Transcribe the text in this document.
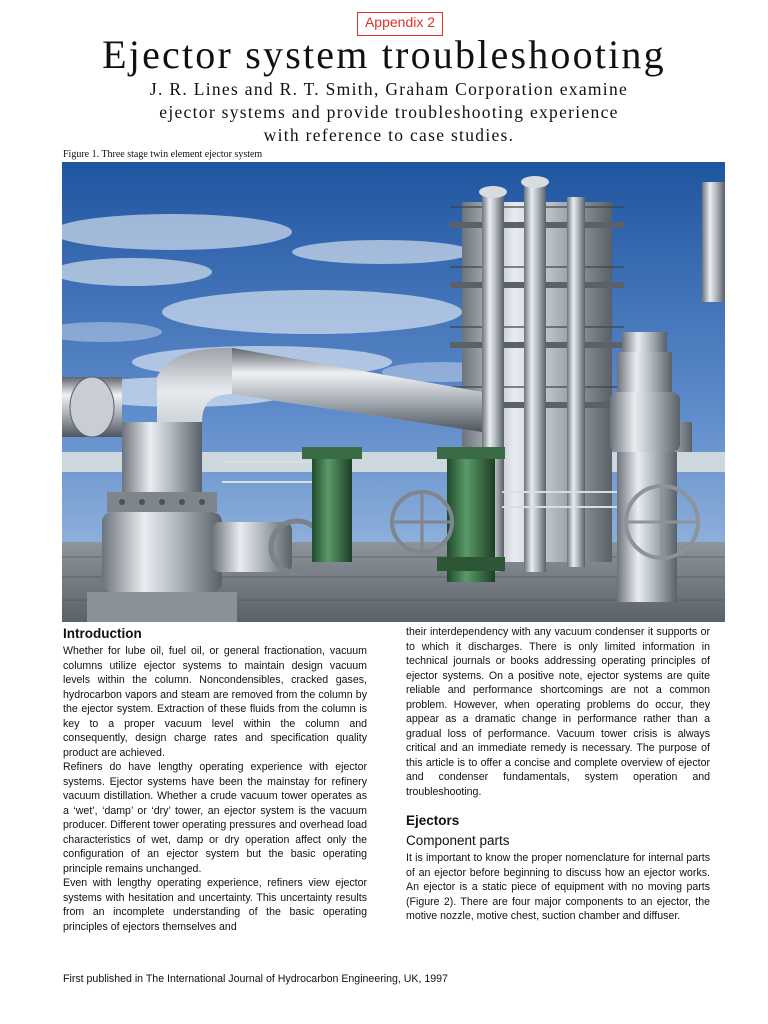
Appendix 2
Ejector system troubleshooting
J. R. Lines and R. T. Smith, Graham Corporation examine
ejector systems and provide troubleshooting experience
with reference to case studies.
Figure 1. Three stage twin element ejector system
Introduction

Whether for lube oil, fuel oil, or general fractionation, vacuum columns utilize ejector systems to maintain design vacuum levels within the column. Noncondensibles, cracked gases, hydrocarbon vapors and steam are removed from the column by the ejector system. Extraction of these fluids from the column is key to a proper vacuum level within the column and consequently, design charge rates and specification quality product are achieved.

Refiners do have lengthy operating experience with ejector systems. Ejector systems have been the mainstay for refinery vacuum distillation. Whether a crude vacuum tower operates as a ‘wet’, ‘damp’ or ‘dry’ tower, an ejector system is the vacuum producer. Different tower operating pressures and overhead load characteristics of wet, damp or dry operation affect only the configuration of an ejector system but the basic operating principle remains unchanged.

Even with lengthy operating experience, refiners view ejector systems with hesitation and uncertainty. This uncertainty results from an incomplete understanding of the basic operating principles of ejectors themselves and

their interdependency with any vacuum condenser it supports or to which it discharges. There is only limited information in technical journals or books addressing operating principles of ejector systems. On a positive note, ejector systems are quite reliable and performance shortcomings are not a common problem. However, when operating problems do occur, they appear as a dramatic change in performance rather than a gradual loss of performance. Vacuum tower crisis is always critical and an immediate remedy is necessary. The purpose of this article is to offer a concise and complete overview of ejector and condenser fundamentals, system operation and troubleshooting.

Ejectors
Component parts

It is important to know the proper nomenclature for internal parts of an ejector before beginning to discuss how an ejector works. An ejector is a static piece of equipment with no moving parts (Figure 2). There are four major components to an ejector, the motive nozzle, motive chest, suction chamber and diffuser.

First published in The International Journal of Hydrocarbon Engineering, UK, 1997
